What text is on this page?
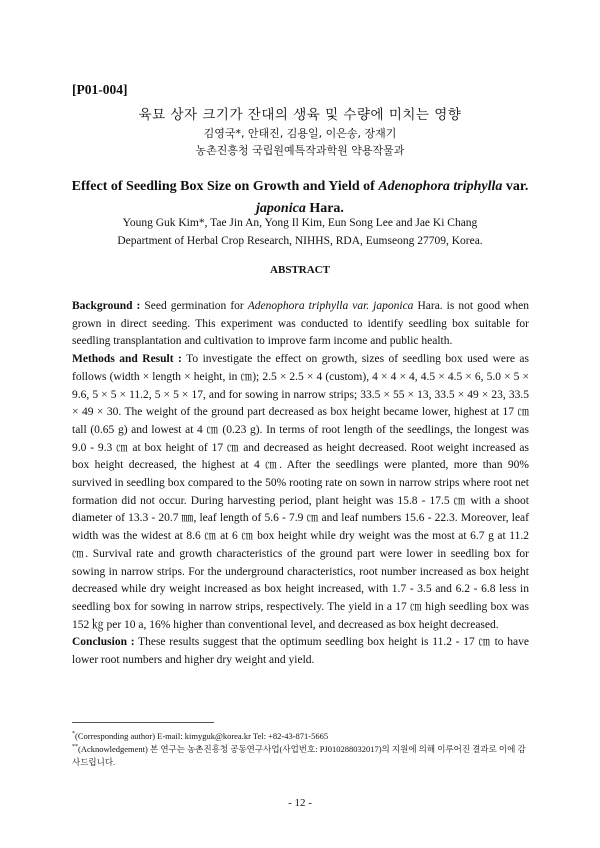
[P01-004]
육묘 상자 크기가 잔대의 생육 및 수량에 미치는 영향
김영국*, 안태진, 김용일, 이은송, 장재기
농촌진흥청 국립원예특작과학원 약용작물과
Effect of Seedling Box Size on Growth and Yield of Adenophora triphylla var.
japonica Hara.
Young Guk Kim*, Tae Jin An, Yong Il Kim, Eun Song Lee and Jae Ki Chang
Department of Herbal Crop Research, NIHHS, RDA, Eumseong 27709, Korea.
ABSTRACT

Background : Seed germination for Adenophora triphylla var. japonica Hara. is not good when grown in direct seeding. This experiment was conducted to identify seedling box suitable for seedling transplantation and cultivation to improve farm income and public health.

Methods and Result : To investigate the effect on growth, sizes of seedling box used were as follows (width × length × height, in ㎝); 2.5 × 2.5 × 4 (custom), 4 × 4 × 4, 4.5 × 4.5 × 6, 5.0 × 5 × 9.6, 5 × 5 × 11.2, 5 × 5 × 17, and for sowing in narrow strips; 33.5 × 55 × 13, 33.5 × 49 × 23, 33.5 × 49 × 30. The weight of the ground part decreased as box height became lower, highest at 17 ㎝ tall (0.65 g) and lowest at 4 ㎝ (0.23 g). In terms of root length of the seedlings, the longest was 9.0 - 9.3 ㎝ at box height of 17 ㎝ and decreased as height decreased. Root weight increased as box height decreased, the highest at 4 ㎝. After the seedlings were planted, more than 90% survived in seedling box compared to the 50% rooting rate on sown in narrow strips where root net formation did not occur. During harvesting period, plant height was 15.8 - 17.5 ㎝ with a shoot diameter of 13.3 - 20.7 ㎜, leaf length of 5.6 - 7.9 ㎝ and leaf numbers 15.6 - 22.3. Moreover, leaf width was the widest at 8.6 ㎝ at 6 ㎝ box height while dry weight was the most at 6.7 g at 11.2 ㎝. Survival rate and growth characteristics of the ground part were lower in seedling box for sowing in narrow strips. For the underground characteristics, root number increased as box height decreased while dry weight increased as box height increased, with 1.7 - 3.5 and 6.2 - 6.8 less in seedling box for sowing in narrow strips, respectively. The yield in a 17 ㎝ high seedling box was 152 ㎏ per 10 a, 16% higher than conventional level, and decreased as box height decreased.

Conclusion : These results suggest that the optimum seedling box height is 11.2 - 17 ㎝ to have lower root numbers and higher dry weight and yield.

*(Corresponding author) E-mail: kimyguk@korea.kr Tel: +82-43-871-5665
**(Acknowledgement) 본 연구는 농촌진흥청 공동연구사업(사업번호: PJ010288032017)의 지원에 의해 이루어진 결과로 이에 감사드립니다.
- 12 -
